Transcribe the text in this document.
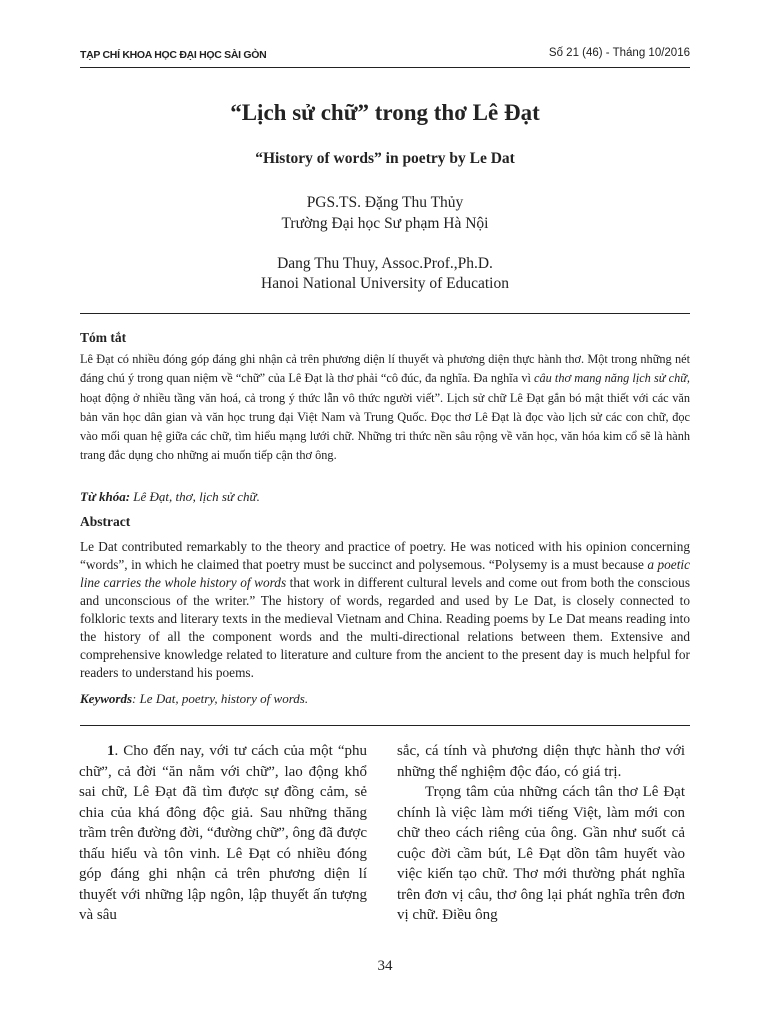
TẠP CHÍ KHOA HỌC ĐẠI HỌC SÀI GÒN	Số 21 (46) - Tháng 10/2016
“Lịch sử chữ” trong thơ Lê Đạt
“History of words” in poetry by Le Dat
PGS.TS. Đặng Thu Thủy
Trường Đại học Sư phạm Hà Nội
Dang Thu Thuy, Assoc.Prof.,Ph.D.
Hanoi National University of Education
Tóm tắt

Lê Đạt có nhiều đóng góp đáng ghi nhận cả trên phương diện lí thuyết và phương diện thực hành thơ. Một trong những nét đáng chú ý trong quan niệm về “chữ” của Lê Đạt là thơ phải “cô đúc, đa nghĩa. Đa nghĩa vì câu thơ mang năng lịch sử chữ, hoạt động ở nhiều tầng văn hoá, cả trong ý thức lẫn vô thức người viết”. Lịch sử chữ Lê Đạt gắn bó mật thiết với các văn bản văn học dân gian và văn học trung đại Việt Nam và Trung Quốc. Đọc thơ Lê Đạt là đọc vào lịch sử các con chữ, đọc vào mối quan hệ giữa các chữ, tìm hiểu mạng lưới chữ. Những tri thức nền sâu rộng về văn học, văn hóa kim cổ sẽ là hành trang đắc dụng cho những ai muốn tiếp cận thơ ông.

Từ khóa: Lê Đạt, thơ, lịch sử chữ.
Abstract

Le Dat contributed remarkably to the theory and practice of poetry. He was noticed with his opinion concerning “words”, in which he claimed that poetry must be succinct and polysemous. “Polysemy is a must because a poetic line carries the whole history of words that work in different cultural levels and come out from both the conscious and unconscious of the writer.” The history of words, regarded and used by Le Dat, is closely connected to folkloric texts and literary texts in the medieval Vietnam and China. Reading poems by Le Dat means reading into the history of all the component words and the multi-directional relations between them. Extensive and comprehensive knowledge related to literature and culture from the ancient to the present day is much helpful for readers to understand his poems.

Keywords: Le Dat, poetry, history of words.

1. Cho đến nay, với tư cách của một “phu chữ”, cả đời “ăn nằm với chữ”, lao động khổ sai chữ, Lê Đạt đã tìm được sự đồng cảm, sẻ chia của khá đông độc giả. Sau những thăng trầm trên đường đời, “đường chữ”, ông đã được thấu hiểu và tôn vinh. Lê Đạt có nhiều đóng góp đáng ghi nhận cả trên phương diện lí thuyết với những lập ngôn, lập thuyết ấn tượng và sâu

sắc, cá tính và phương diện thực hành thơ với những thể nghiệm độc đáo, có giá trị.

Trọng tâm của những cách tân thơ Lê Đạt chính là việc làm mới tiếng Việt, làm mới con chữ theo cách riêng của ông. Gần như suốt cả cuộc đời cầm bút, Lê Đạt dồn tâm huyết vào việc kiến tạo chữ. Thơ mới thường phát nghĩa trên đơn vị câu, thơ ông lại phát nghĩa trên đơn vị chữ. Điều ông

34
